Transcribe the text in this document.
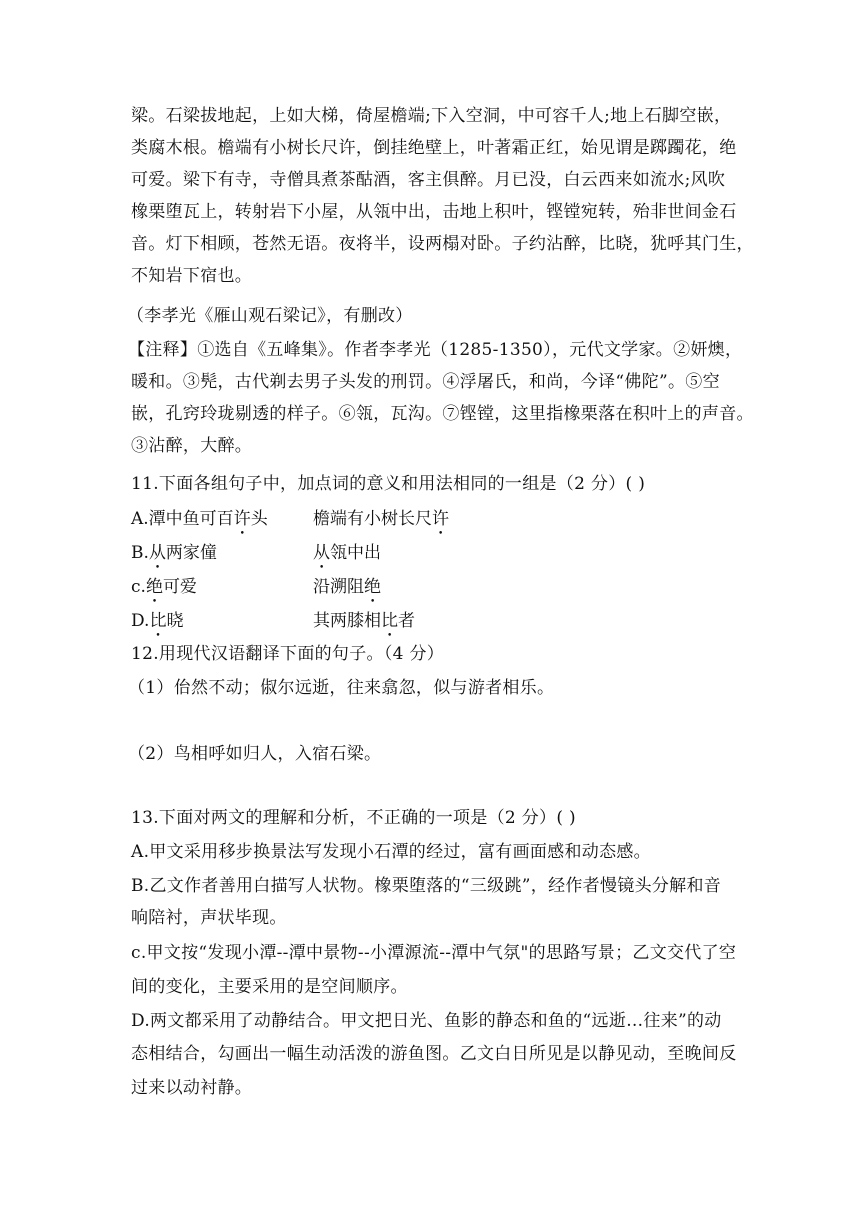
梁。石梁拔地起，上如大梯，倚屋檐端;下入空洞，中可容千人;地上石脚空嵌，
类腐木根。檐端有小树长尺许，倒挂绝壁上，叶著霜正红，始见谓是踯躅花，绝
可爱。梁下有寺，寺僧具煮茶酤酒，客主俱醉。月已没，白云西来如流水;风吹
橡栗堕瓦上，转射岩下小屋，从瓴中出，击地上积叶，铿镗宛转，殆非世间金石
音。灯下相顾，苍然无语。夜将半，设两榻对卧。子约沾醉，比晓，犹呼其门生，
不知岩下宿也。
（李孝光《雁山观石梁记》，有删改）
【注释】①选自《五峰集》。作者李孝光（1285-1350），元代文学家。②妍燠，
暖和。③髡，古代剃去男子头发的刑罚。④浮屠氏，和尚，今译“佛陀”。⑤空
嵌，孔窍玲珑剔透的样子。⑥瓴，瓦沟。⑦铿镗，这里指橡栗落在积叶上的声音。
③沾醉，大醉。
11.下面各组句子中，加点词的意义和用法相同的一组是（2 分）( )
A.潭中鱼可百许头	檐端有小树长尺许
B.从两家僮	从瓴中出
c.绝可爱	沿溯阻绝
D.比晓	其两膝相比者
12.用现代汉语翻译下面的句子。（4 分）
（1）佁然不动；俶尔远逝，往来翕忽，似与游者相乐。
（2）鸟相呼如归人，入宿石梁。
13.下面对两文的理解和分析，不正确的一项是（2 分）( )
A.甲文采用移步换景法写发现小石潭的经过，富有画面感和动态感。
B.乙文作者善用白描写人状物。橡栗堕落的“三级跳”，经作者慢镜头分解和音
响陪衬，声状毕现。
c.甲文按“发现小潭--潭中景物--小潭源流--潭中气氛"的思路写景；乙文交代了空
间的变化，主要采用的是空间顺序。
D.两文都采用了动静结合。甲文把日光、鱼影的静态和鱼的“远逝…往来”的动
态相结合，勾画出一幅生动活泼的游鱼图。乙文白日所见是以静见动，至晚间反
过来以动衬静。
